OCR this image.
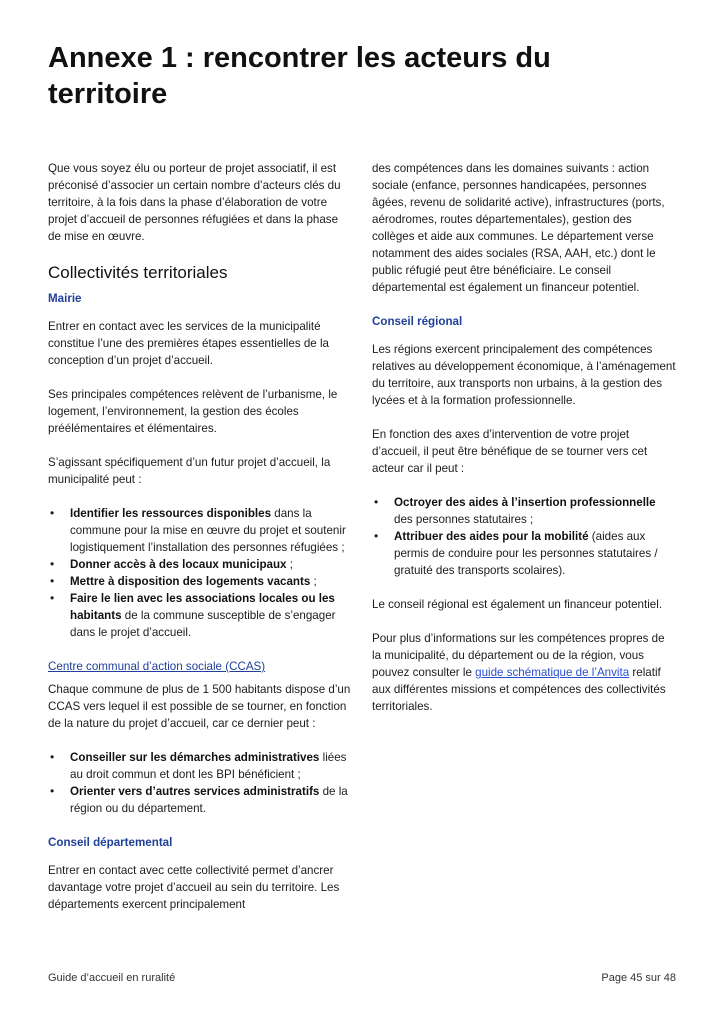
Annexe 1 : rencontrer les acteurs du territoire

Que vous soyez élu ou porteur de projet associatif, il est préconisé d’associer un certain nombre d’acteurs clés du territoire, à la fois dans la phase d’élaboration de votre projet d’accueil de personnes réfugiées et dans la phase de mise en œuvre.

Collectivités territoriales
Mairie

Entrer en contact avec les services de la municipalité constitue l’une des premières étapes essentielles de la conception d’un projet d’accueil.

Ses principales compétences relèvent de l’urbanisme, le logement, l’environnement, la gestion des écoles préélémentaires et élémentaires.

S’agissant spécifiquement d’un futur projet d’accueil, la municipalité peut :

• Identifier les ressources disponibles dans la commune pour la mise en œuvre du projet et soutenir logistiquement l’installation des personnes réfugiées ;
• Donner accès à des locaux municipaux ;
• Mettre à disposition des logements vacants ;
• Faire le lien avec les associations locales ou les habitants de la commune susceptible de s’engager dans le projet d’accueil.
Centre communal d’action sociale (CCAS)

Chaque commune de plus de 1 500 habitants dispose d’un CCAS vers lequel il est possible de se tourner, en fonction de la nature du projet d’accueil, car ce dernier peut :

• Conseiller sur les démarches administratives liées au droit commun et dont les BPI bénéficient ;
• Orienter vers d’autres services administratifs de la région ou du département.
Conseil départemental

Entrer en contact avec cette collectivité permet d’ancrer davantage votre projet d’accueil au sein du territoire. Les départements exercent principalement

des compétences dans les domaines suivants : action sociale (enfance, personnes handicapées, personnes âgées, revenu de solidarité active), infrastructures (ports, aérodromes, routes départementales), gestion des collèges et aide aux communes. Le département verse notamment des aides sociales (RSA, AAH, etc.) dont le public réfugié peut être bénéficiaire. Le conseil départemental est également un financeur potentiel.

Conseil régional

Les régions exercent principalement des compétences relatives au développement économique, à l’aménagement du territoire, aux transports non urbains, à la gestion des lycées et à la formation professionnelle.

En fonction des axes d’intervention de votre projet d’accueil, il peut être bénéfique de se tourner vers cet acteur car il peut :

• Octroyer des aides à l’insertion professionnelle des personnes statutaires ;
• Attribuer des aides pour la mobilité (aides aux permis de conduire pour les personnes statutaires / gratuité des transports scolaires).

Le conseil régional est également un financeur potentiel.

Pour plus d’informations sur les compétences propres de la municipalité, du département ou de la région, vous pouvez consulter le guide schématique de l’Anvita relatif aux différentes missions et compétences des collectivités territoriales.

Guide d’accueil en ruralité	Page 45 sur 48
